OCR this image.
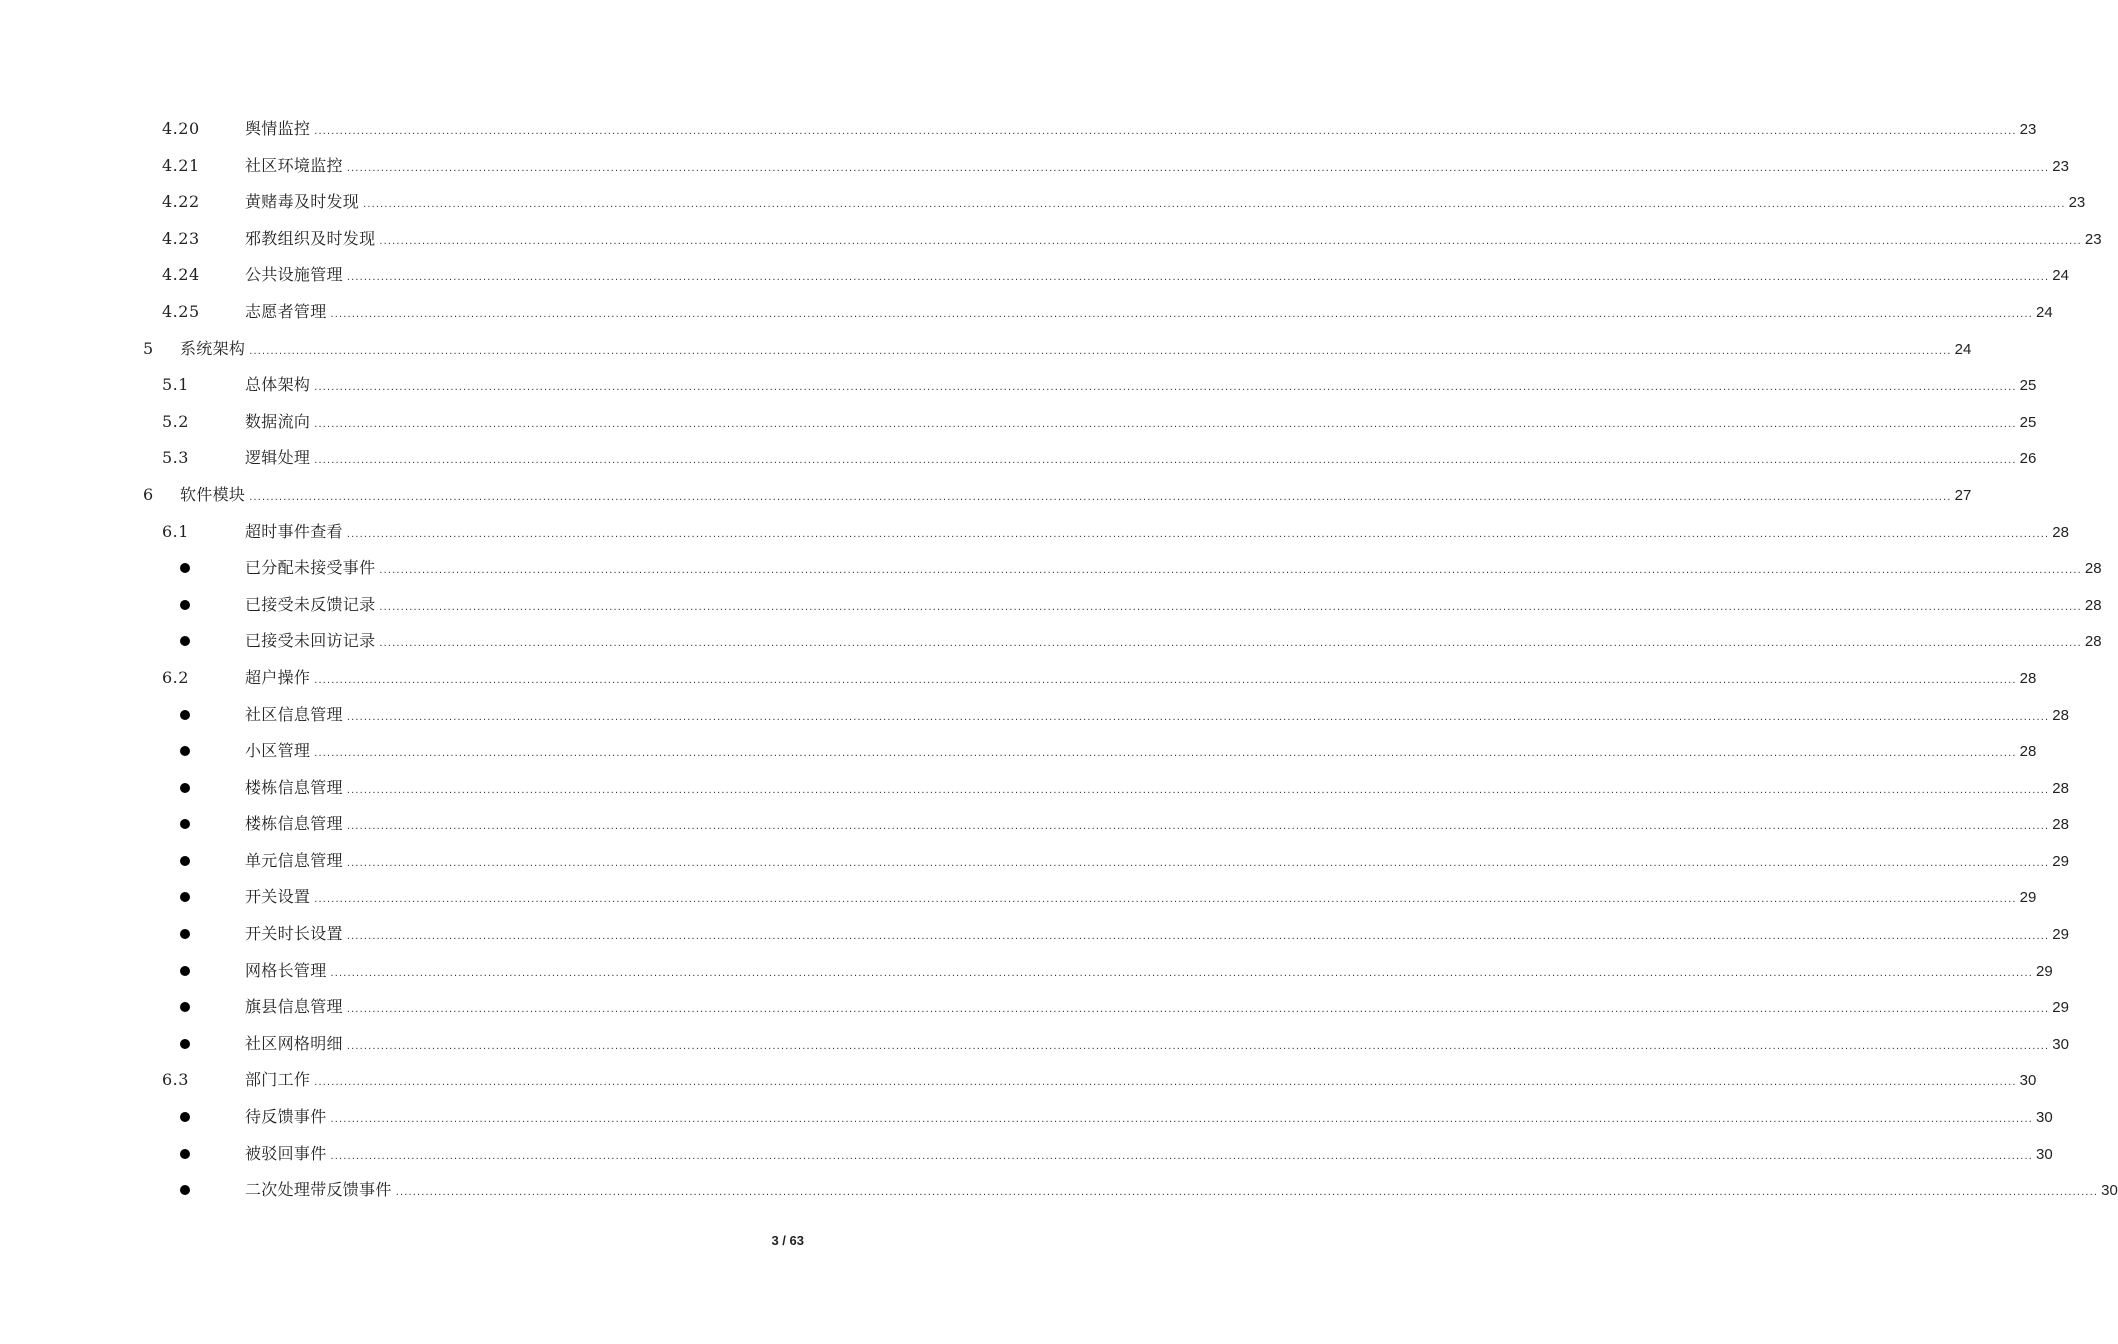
4.20	舆情监控 ................................................................................................................................................................................................................................................................................................................................................................................................................ 23
4.21	社区环境监控 ................................................................................................................................................................................................................................................................................................................................................................................................................ 23
4.22	黄赌毒及时发现 ................................................................................................................................................................................................................................................................................................................................................................................................................ 23
4.23	邪教组织及时发现 ................................................................................................................................................................................................................................................................................................................................................................................................................ 23
4.24	公共设施管理 ................................................................................................................................................................................................................................................................................................................................................................................................................ 24
4.25	志愿者管理 ................................................................................................................................................................................................................................................................................................................................................................................................................ 24
5 系统架构 ................................................................................................................................................................................................................................................................................................................................................................................................................ 24
5.1	总体架构 ................................................................................................................................................................................................................................................................................................................................................................................................................ 25
5.2	数据流向 ................................................................................................................................................................................................................................................................................................................................................................................................................ 25
5.3	逻辑处理 ................................................................................................................................................................................................................................................................................................................................................................................................................ 26
6 软件模块 ................................................................................................................................................................................................................................................................................................................................................................................................................ 27
6.1	超时事件查看 ................................................................................................................................................................................................................................................................................................................................................................................................................ 28
已分配未接受事件 ................................................................................................................................................................................................................................................................................................................................................................................................................ 28
已接受未反馈记录 ................................................................................................................................................................................................................................................................................................................................................................................................................ 28
已接受未回访记录 ................................................................................................................................................................................................................................................................................................................................................................................................................ 28
6.2	超户操作 ................................................................................................................................................................................................................................................................................................................................................................................................................ 28
社区信息管理 ................................................................................................................................................................................................................................................................................................................................................................................................................ 28
小区管理 ................................................................................................................................................................................................................................................................................................................................................................................................................ 28
楼栋信息管理 ................................................................................................................................................................................................................................................................................................................................................................................................................ 28
楼栋信息管理 ................................................................................................................................................................................................................................................................................................................................................................................................................ 28
单元信息管理 ................................................................................................................................................................................................................................................................................................................................................................................................................ 29
开关设置 ................................................................................................................................................................................................................................................................................................................................................................................................................ 29
开关时长设置 ................................................................................................................................................................................................................................................................................................................................................................................................................ 29
网格长管理 ................................................................................................................................................................................................................................................................................................................................................................................................................ 29
旗县信息管理 ................................................................................................................................................................................................................................................................................................................................................................................................................ 29
社区网格明细 ................................................................................................................................................................................................................................................................................................................................................................................................................ 30
6.3	部门工作 ................................................................................................................................................................................................................................................................................................................................................................................................................ 30
待反馈事件 ................................................................................................................................................................................................................................................................................................................................................................................................................ 30
被驳回事件 ................................................................................................................................................................................................................................................................................................................................................................................................................ 30
二次处理带反馈事件 ................................................................................................................................................................................................................................................................................................................................................................................................................ 30
3 / 63
